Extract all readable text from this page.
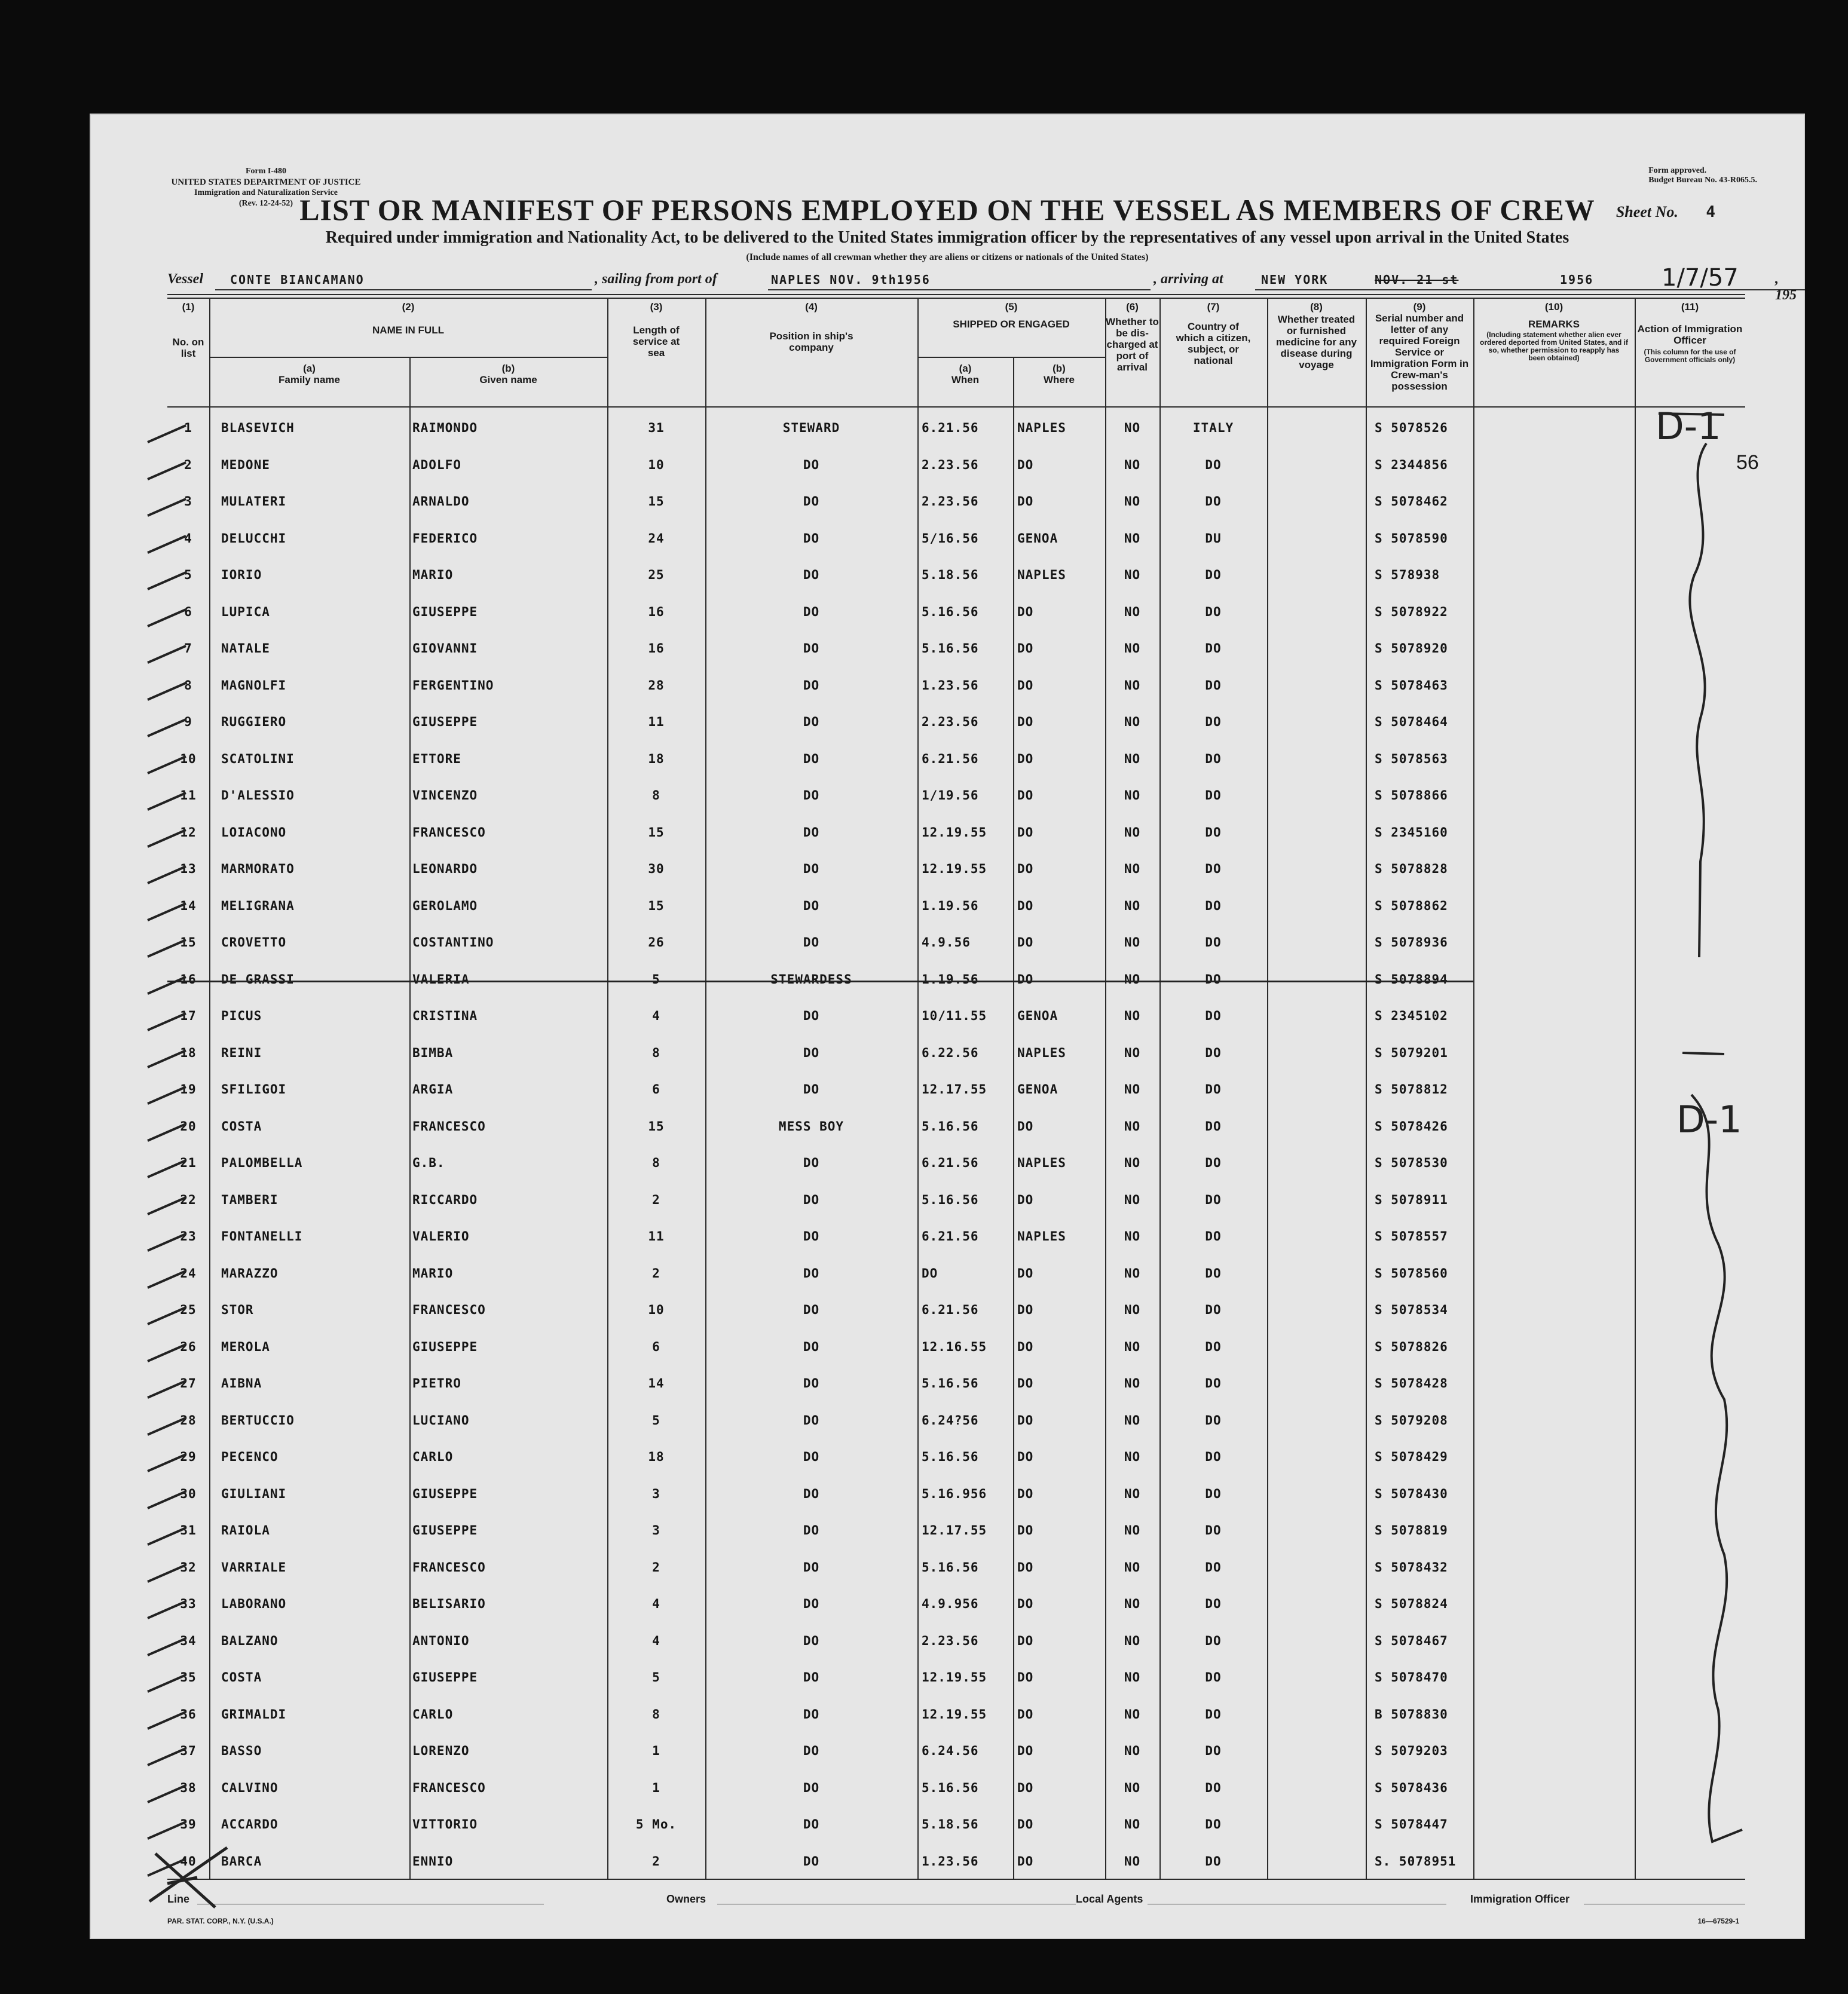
Form I-480
UNITED STATES DEPARTMENT OF JUSTICE
Immigration and Naturalization Service
(Rev. 12-24-52)
Form approved.
Budget Bureau No. 43-R065.5.
LIST OR MANIFEST OF PERSONS EMPLOYED ON THE VESSEL AS MEMBERS OF CREW	Sheet No. 4
Required under immigration and Nationality Act, to be delivered to the United States immigration officer by the representatives of any vessel upon arrival in the United States
(Include names of all crewman whether they are aliens or citizens or nationals of the United States)
Vessel CONTE BIANCAMANO	, sailing from port of	NAPLES NOV. 9th1956	, arriving at	NEW YORK	NOV. 21 st	1956	1/7/57	, 195
(1)
No. on list
(2)
NAME IN FULL
(a)
Family name
(b)
Given name
(3)
Length of service at sea
(4)
Position in ship's company
(5)
SHIPPED OR ENGAGED
(a)
When
(b)
Where
(6)
Whether to be dis-charged at port of arrival
(7)
Country of which a citizen, subject, or national
(8)
Whether treated or furnished medicine for any disease during voyage
(9)
Serial number and letter of any required Foreign Service or Immigration Form in Crew-man's possession
(10)
REMARKS
(Including statement whether alien ever ordered deported from United States, and if so, whether permission to reapply has been obtained)
(11)
Action of Immigration Officer
(This column for the use of Government officials only)
1	BLASEVICH	RAIMONDO	31	STEWARD	6.21.56	NAPLES	NO	ITALY	S 5078526
2	MEDONE	ADOLFO	10	DO	2.23.56	DO	NO	DO	S 2344856
3	MULATERI	ARNALDO	15	DO	2.23.56	DO	NO	DO	S 5078462
4	DELUCCHI	FEDERICO	24	DO	5/16.56	GENOA	NO	DU	S 5078590
5	IORIO	MARIO	25	DO	5.18.56	NAPLES	NO	DO	S 578938
6	LUPICA	GIUSEPPE	16	DO	5.16.56	DO	NO	DO	S 5078922
7	NATALE	GIOVANNI	16	DO	5.16.56	DO	NO	DO	S 5078920
8	MAGNOLFI	FERGENTINO	28	DO	1.23.56	DO	NO	DO	S 5078463
9	RUGGIERO	GIUSEPPE	11	DO	2.23.56	DO	NO	DO	S 5078464
10	SCATOLINI	ETTORE	18	DO	6.21.56	DO	NO	DO	S 5078563
11	D'ALESSIO	VINCENZO	8	DO	1/19.56	DO	NO	DO	S 5078866
12	LOIACONO	FRANCESCO	15	DO	12.19.55	DO	NO	DO	S 2345160
13	MARMORATO	LEONARDO	30	DO	12.19.55	DO	NO	DO	S 5078828
14	MELIGRANA	GEROLAMO	15	DO	1.19.56	DO	NO	DO	S 5078862
15	CROVETTO	COSTANTINO	26	DO	4.9.56	DO	NO	DO	S 5078936
16	DE GRASSI	VALERIA	5	STEWARDESS	1.19.56	DO	NO	DO	S 5078894
17	PICUS	CRISTINA	4	DO	10/11.55	GENOA	NO	DO	S 2345102
18	REINI	BIMBA	8	DO	6.22.56	NAPLES	NO	DO	S 5079201
19	SFILIGOI	ARGIA	6	DO	12.17.55	GENOA	NO	DO	S 5078812
20	COSTA	FRANCESCO	15	MESS BOY	5.16.56	DO	NO	DO	S 5078426
21	PALOMBELLA	G.B.	8	DO	6.21.56	NAPLES	NO	DO	S 5078530
22	TAMBERI	RICCARDO	2	DO	5.16.56	DO	NO	DO	S 5078911
23	FONTANELLI	VALERIO	11	DO	6.21.56	NAPLES	NO	DO	S 5078557
24	MARAZZO	MARIO	2	DO	DO	DO	NO	DO	S 5078560
25	STOR	FRANCESCO	10	DO	6.21.56	DO	NO	DO	S 5078534
26	MEROLA	GIUSEPPE	6	DO	12.16.55	DO	NO	DO	S 5078826
27	AIBNA	PIETRO	14	DO	5.16.56	DO	NO	DO	S 5078428
28	BERTUCCIO	LUCIANO	5	DO	6.24?56	DO	NO	DO	S 5079208
29	PECENCO	CARLO	18	DO	5.16.56	DO	NO	DO	S 5078429
30	GIULIANI	GIUSEPPE	3	DO	5.16.956	DO	NO	DO	S 5078430
31	RAIOLA	GIUSEPPE	3	DO	12.17.55	DO	NO	DO	S 5078819
32	VARRIALE	FRANCESCO	2	DO	5.16.56	DO	NO	DO	S 5078432
33	LABORANO	BELISARIO	4	DO	4.9.956	DO	NO	DO	S 5078824
34	BALZANO	ANTONIO	4	DO	2.23.56	DO	NO	DO	S 5078467
35	COSTA	GIUSEPPE	5	DO	12.19.55	DO	NO	DO	S 5078470
36	GRIMALDI	CARLO	8	DO	12.19.55	DO	NO	DO	B 5078830
37	BASSO	LORENZO	1	DO	6.24.56	DO	NO	DO	S 5079203
38	CALVINO	FRANCESCO	1	DO	5.16.56	DO	NO	DO	S 5078436
39	ACCARDO	VITTORIO	5 Mo.	DO	5.18.56	DO	NO	DO	S 5078447
40	BARCA	ENNIO	2	DO	1.23.56	DO	NO	DO	S. 5078951
D-1
D-1
56
Line	Owners	Local Agents	Immigration Officer
PAR. STAT. CORP., N.Y. (U.S.A.)	16—67529-1
